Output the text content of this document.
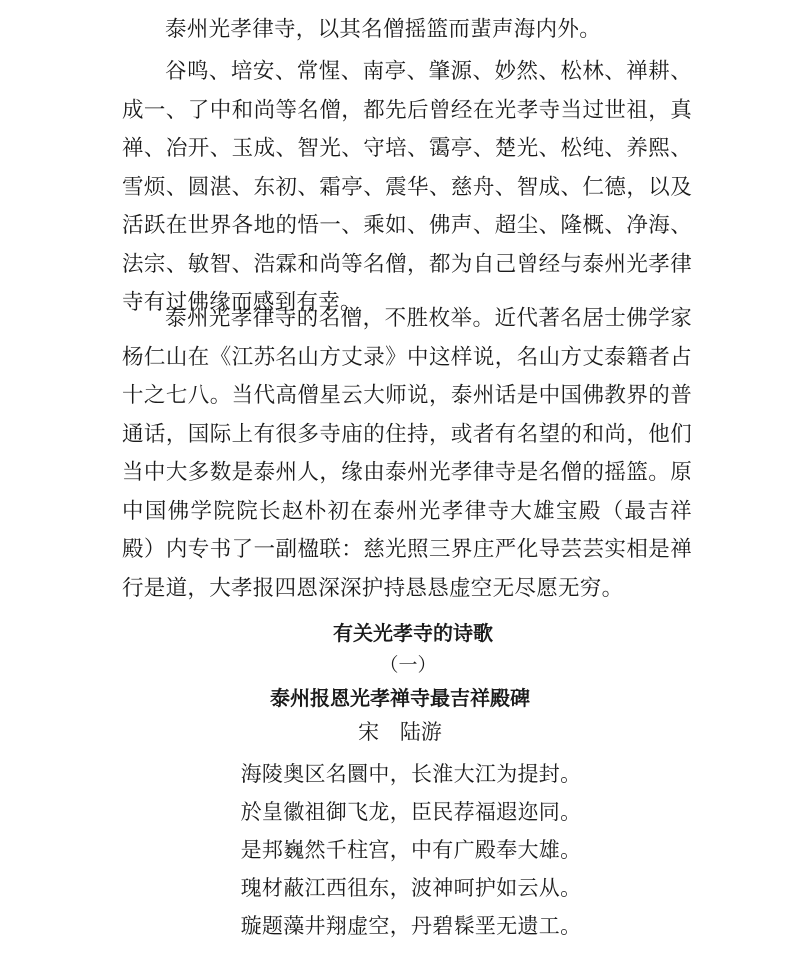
泰州光孝律寺，以其名僧摇篮而蜚声海内外。

谷鸣、培安、常惺、南亭、肇源、妙然、松林、禅耕、成一、了中和尚等名僧，都先后曾经在光孝寺当过世祖，真禅、冶开、玉成、智光、守培、霭亭、楚光、松纯、养熙、雪烦、圆湛、东初、霜亭、震华、慈舟、智成、仁德，以及活跃在世界各地的悟一、乘如、佛声、超尘、隆概、净海、法宗、敏智、浩霖和尚等名僧，都为自己曾经与泰州光孝律寺有过佛缘而感到有幸。

泰州光孝律寺的名僧，不胜枚举。近代著名居士佛学家杨仁山在《江苏名山方丈录》中这样说，名山方丈泰籍者占十之七八。当代高僧星云大师说，泰州话是中国佛教界的普通话，国际上有很多寺庙的住持，或者有名望的和尚，他们当中大多数是泰州人，缘由泰州光孝律寺是名僧的摇篮。原中国佛学院院长赵朴初在泰州光孝律寺大雄宝殿（最吉祥殿）内专书了一副楹联：慈光照三界庄严化导芸芸实相是禅行是道，大孝报四恩深深护持恳恳虚空无尽愿无穷。

有关光孝寺的诗歌
（一）
泰州报恩光孝禅寺最吉祥殿碑
宋 陆游
海陵奥区名圜中，长淮大江为提封。
於皇徽祖御飞龙，臣民荐福遐迩同。
是邦巍然千柱宫，中有广殿奉大雄。
瑰材蔽江西徂东，波神呵护如云从。
璇题藻井翔虚空，丹碧髹垩无遗工。
